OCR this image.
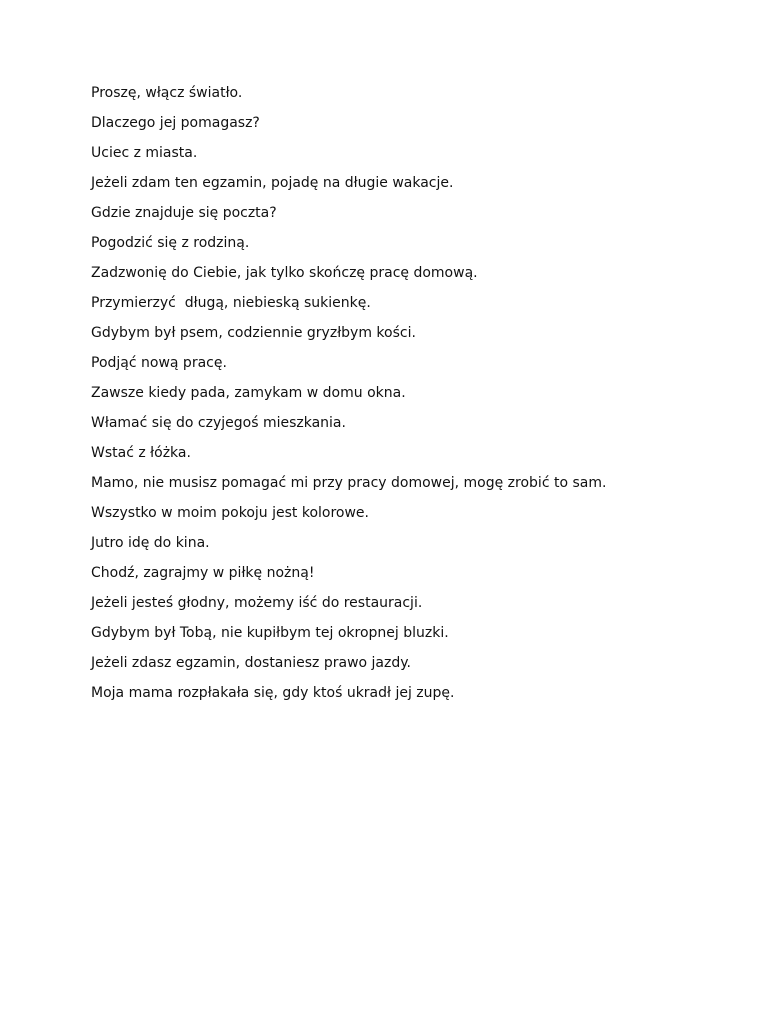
Proszę, włącz światło.
Dlaczego jej pomagasz?
Uciec z miasta.
Jeżeli zdam ten egzamin, pojadę na długie wakacje.
Gdzie znajduje się poczta?
Pogodzić się z rodziną.
Zadzwonię do Ciebie, jak tylko skończę pracę domową.
Przymierzyć  długą, niebieską sukienkę.
Gdybym był psem, codziennie gryzłbym kości.
Podjąć nową pracę.
Zawsze kiedy pada, zamykam w domu okna.
Włamać się do czyjegoś mieszkania.
Wstać z łóżka.
Mamo, nie musisz pomagać mi przy pracy domowej, mogę zrobić to sam.
Wszystko w moim pokoju jest kolorowe.
Jutro idę do kina.
Chodź, zagrajmy w piłkę nożną!
Jeżeli jesteś głodny, możemy iść do restauracji.
Gdybym był Tobą, nie kupiłbym tej okropnej bluzki.
Jeżeli zdasz egzamin, dostaniesz prawo jazdy.
Moja mama rozpłakała się, gdy ktoś ukradł jej zupę.
